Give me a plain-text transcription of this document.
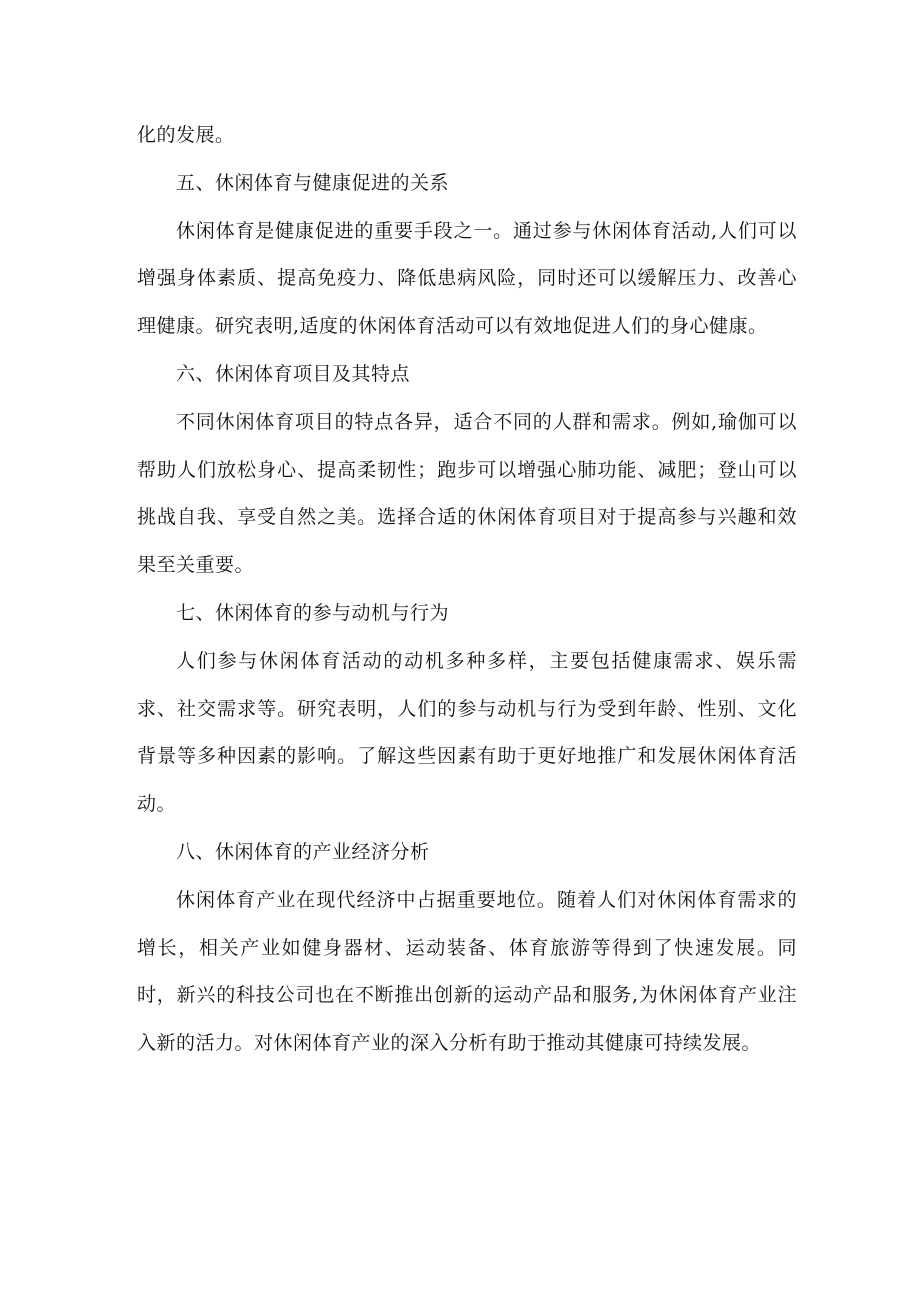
化的发展。

五、休闲体育与健康促进的关系

休闲体育是健康促进的重要手段之一。通过参与休闲体育活动,人们可以增强身体素质、提高免疫力、降低患病风险，同时还可以缓解压力、改善心理健康。研究表明,适度的休闲体育活动可以有效地促进人们的身心健康。

六、休闲体育项目及其特点

不同休闲体育项目的特点各异，适合不同的人群和需求。例如,瑜伽可以帮助人们放松身心、提高柔韧性；跑步可以增强心肺功能、减肥；登山可以挑战自我、享受自然之美。选择合适的休闲体育项目对于提高参与兴趣和效果至关重要。

七、休闲体育的参与动机与行为

人们参与休闲体育活动的动机多种多样，主要包括健康需求、娱乐需求、社交需求等。研究表明，人们的参与动机与行为受到年龄、性别、文化背景等多种因素的影响。了解这些因素有助于更好地推广和发展休闲体育活动。

八、休闲体育的产业经济分析

休闲体育产业在现代经济中占据重要地位。随着人们对休闲体育需求的增长，相关产业如健身器材、运动装备、体育旅游等得到了快速发展。同时，新兴的科技公司也在不断推出创新的运动产品和服务,为休闲体育产业注入新的活力。对休闲体育产业的深入分析有助于推动其健康可持续发展。
